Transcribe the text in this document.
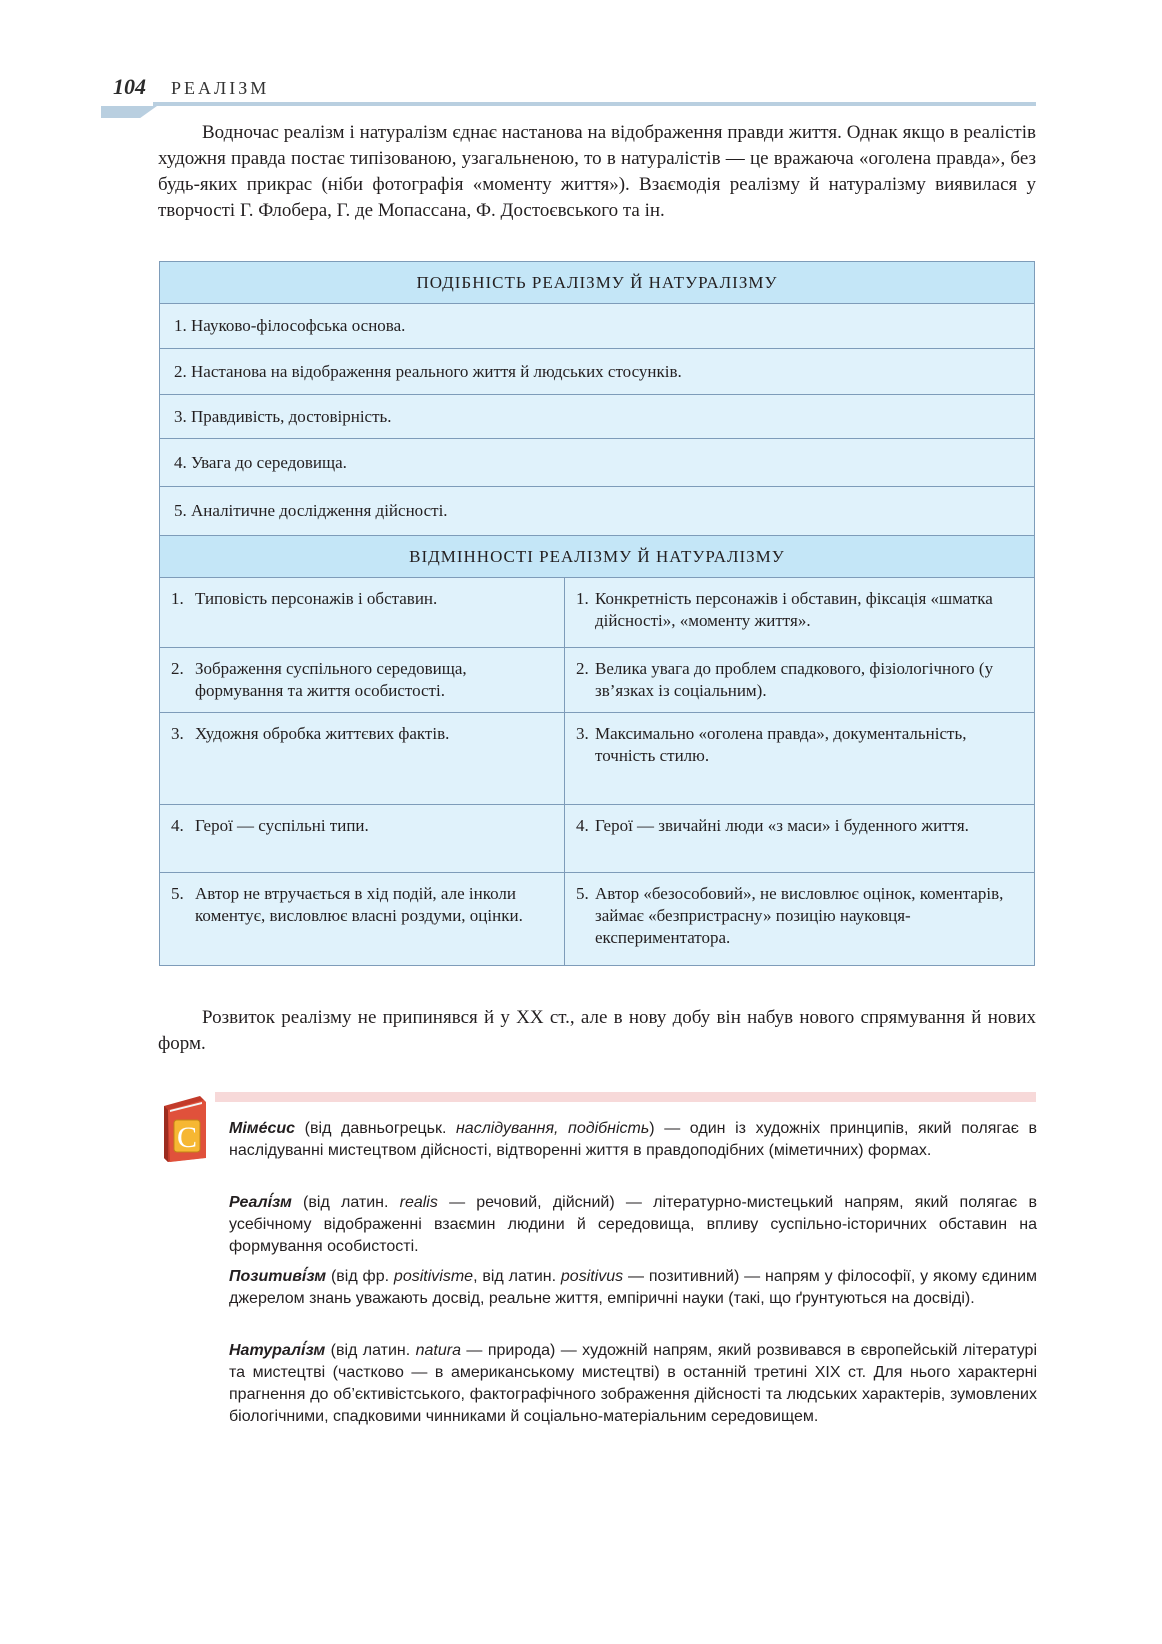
104 РЕАЛІЗМ

Водночас реалізм і натуралізм єднає настанова на відображення правди життя. Однак якщо в реалістів художня правда постає типізованою, узагальненою, то в натуралістів — це вражаюча «оголена правда», без будь-яких прикрас (ніби фотографія «моменту життя»). Взаємодія реалізму й натуралізму виявилася у творчості Г. Флобера, Г. де Мопассана, Ф. Достоєвського та ін.

ПОДІБНІСТЬ РЕАЛІЗМУ Й НАТУРАЛІЗМУ	
1. Науково-філософська основа.	
2. Настанова на відображення реального життя й людських стосунків.	
3. Правдивість, достовірність.	
4. Увага до середовища.	
5. Аналітичне дослідження дійсності.	
ВІДМІННОСТІ РЕАЛІЗМУ Й НАТУРАЛІЗМУ	

1. Типовість персонажів і обставин.	1. Конкретність персонажів і обставин, фіксація «шматка дійсності», «моменту життя».

2. Зображення суспільного середовища, формування та життя особистості.	2. Велика увага до проблем спадкового, фізіологічного (у зв’язках із соціальним).

3. Художня обробка життєвих фактів.	3. Максимально «оголена правда», документальність, точність стилю.

4. Герої — суспільні типи.	4. Герої — звичайні люди «з маси» і буденного життя.

5. Автор не втручається в хід подій, але інколи коментує, висловлює власні роздуми, оцінки.	5. Автор «безособовий», не висловлює оцінок, коментарів, займає «безпристрасну» позицію науковця-експериментатора.

Розвиток реалізму не припинявся й у XX ст., але в нову добу він набув нового спрямування й нових форм.

С Міме́сис (від давньогрецьк. наслідування, подібність) — один із художніх принципів, який полягає в наслідуванні мистецтвом дійсності, відтворенні життя в правдоподібних (міметичних) формах.
Реалі́зм (від латин. realis — речовий, дійсний) — літературно-мистецький напрям, який полягає в усебічному відображенні взаємин людини й середовища, впливу суспільно-історичних обставин на формування особистості.
Позитиві́зм (від фр. positivisme, від латин. positivus — позитивний) — напрям у філософії, у якому єдиним джерелом знань уважають досвід, реальне життя, емпіричні науки (такі, що ґрунтуються на досвіді).
Натуралі́зм (від латин. natura — природа) — художній напрям, який розвивався в європейській літературі та мистецтві (частково — в американському мистецтві) в останній третині XIX ст. Для нього характерні прагнення до об’єктивістського, фактографічного зображення дійсності та людських характерів, зумовлених біологічними, спадковими чинниками й соціально-матеріальним середовищем.
